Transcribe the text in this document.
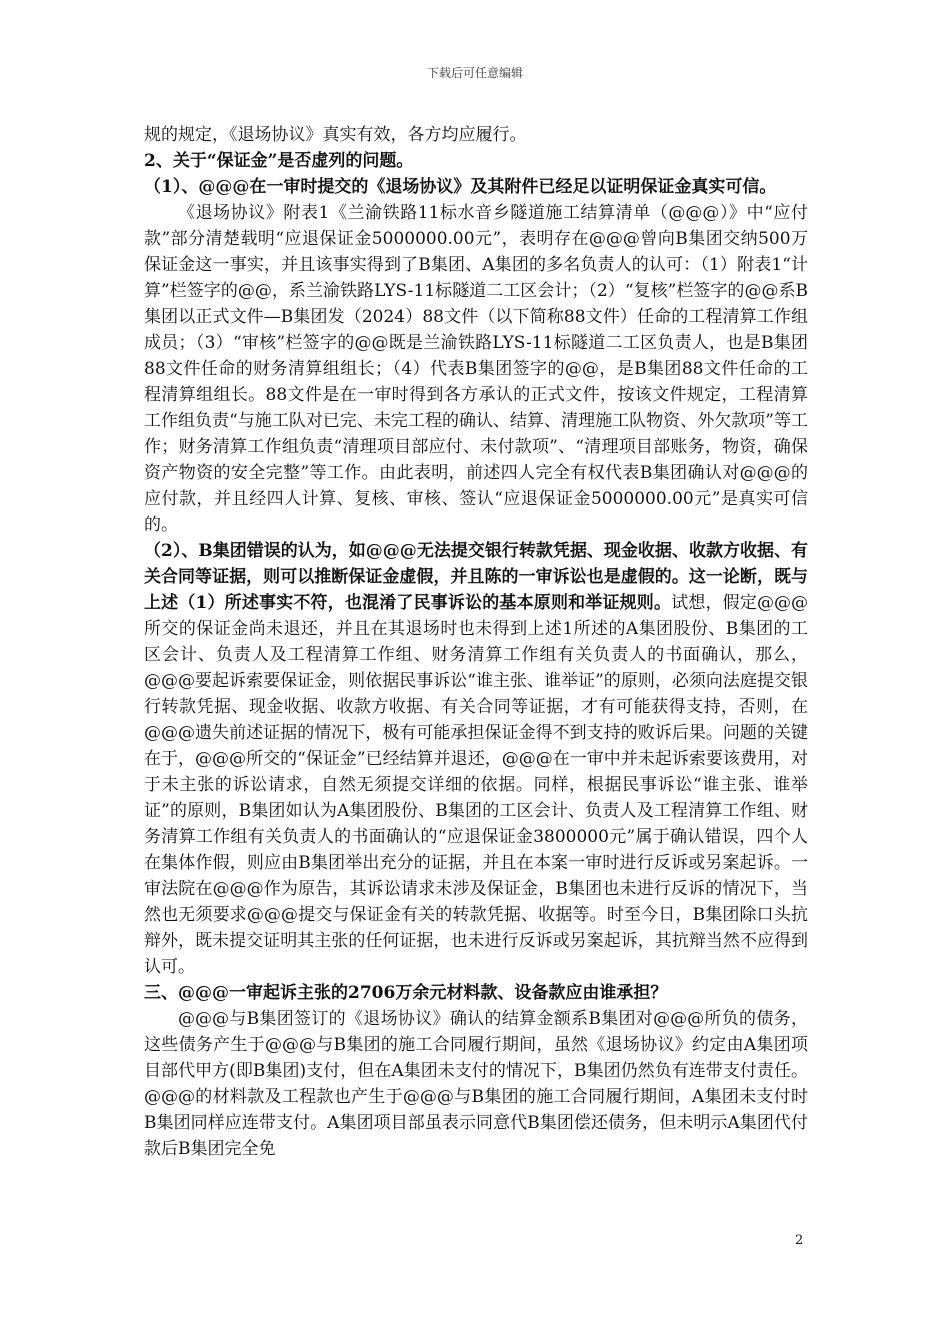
下载后可任意编辑

规的规定，《退场协议》真实有效，各方均应履行。

2、关于“保证金”是否虚列的问题。

（1）、@@@在一审时提交的《退场协议》及其附件已经足以证明保证金真实可信。

《退场协议》附表1《兰渝铁路11标水音乡隧道施工结算清单（@@@）》中“应付款”部分清楚载明“应退保证金5000000.00元”，表明存在@@@曾向B集团交纳500万保证金这一事实，并且该事实得到了B集团、A集团的多名负责人的认可：（1）附表1“计算”栏签字的@@，系兰渝铁路LYS-11标隧道二工区会计；（2）“复核”栏签字的@@系B集团以正式文件—B集团发（2024）88文件（以下简称88文件）任命的工程清算工作组成员；（3）“审核”栏签字的@@既是兰渝铁路LYS-11标隧道二工区负责人，也是B集团88文件任命的财务清算组组长；（4）代表B集团签字的@@，是B集团88文件任命的工程清算组组长。88文件是在一审时得到各方承认的正式文件，按该文件规定，工程清算工作组负责“与施工队对已完、未完工程的确认、结算、清理施工队物资、外欠款项”等工作；财务清算工作组负责“清理项目部应付、未付款项”、“清理项目部账务，物资，确保资产物资的安全完整”等工作。由此表明，前述四人完全有权代表B集团确认对@@@的应付款，并且经四人计算、复核、审核、签认“应退保证金5000000.00元”是真实可信的。

（2）、B集团错误的认为，如@@@无法提交银行转款凭据、现金收据、收款方收据、有关合同等证据，则可以推断保证金虚假，并且陈的一审诉讼也是虚假的。这一论断，既与上述（1）所述事实不符，也混淆了民事诉讼的基本原则和举证规则。试想，假定@@@所交的保证金尚未退还，并且在其退场时也未得到上述1所述的A集团股份、B集团的工区会计、负责人及工程清算工作组、财务清算工作组有关负责人的书面确认，那么，@@@要起诉索要保证金，则依据民事诉讼“谁主张、谁举证”的原则，必须向法庭提交银行转款凭据、现金收据、收款方收据、有关合同等证据，才有可能获得支持，否则，在@@@遗失前述证据的情况下，极有可能承担保证金得不到支持的败诉后果。问题的关键在于，@@@所交的“保证金”已经结算并退还，@@@在一审中并未起诉索要该费用，对于未主张的诉讼请求，自然无须提交详细的依据。同样，根据民事诉讼“谁主张、谁举证”的原则，B集团如认为A集团股份、B集团的工区会计、负责人及工程清算工作组、财务清算工作组有关负责人的书面确认的“应退保证金3800000元”属于确认错误，四个人在集体作假，则应由B集团举出充分的证据，并且在本案一审时进行反诉或另案起诉。一审法院在@@@作为原告，其诉讼请求未涉及保证金，B集团也未进行反诉的情况下，当然也无须要求@@@提交与保证金有关的转款凭据、收据等。时至今日，B集团除口头抗辩外，既未提交证明其主张的任何证据，也未进行反诉或另案起诉，其抗辩当然不应得到认可。

三、@@@一审起诉主张的2706万余元材料款、设备款应由谁承担？

@@@与B集团签订的《退场协议》确认的结算金额系B集团对@@@所负的债务，这些债务产生于@@@与B集团的施工合同履行期间，虽然《退场协议》约定由A集团项目部代甲方(即B集团)支付，但在A集团未支付的情况下，B集团仍然负有连带支付责任。@@@的材料款及工程款也产生于@@@与B集团的施工合同履行期间，A集团未支付时B集团同样应连带支付。A集团项目部虽表示同意代B集团偿还债务，但未明示A集团代付款后B集团完全免

2
